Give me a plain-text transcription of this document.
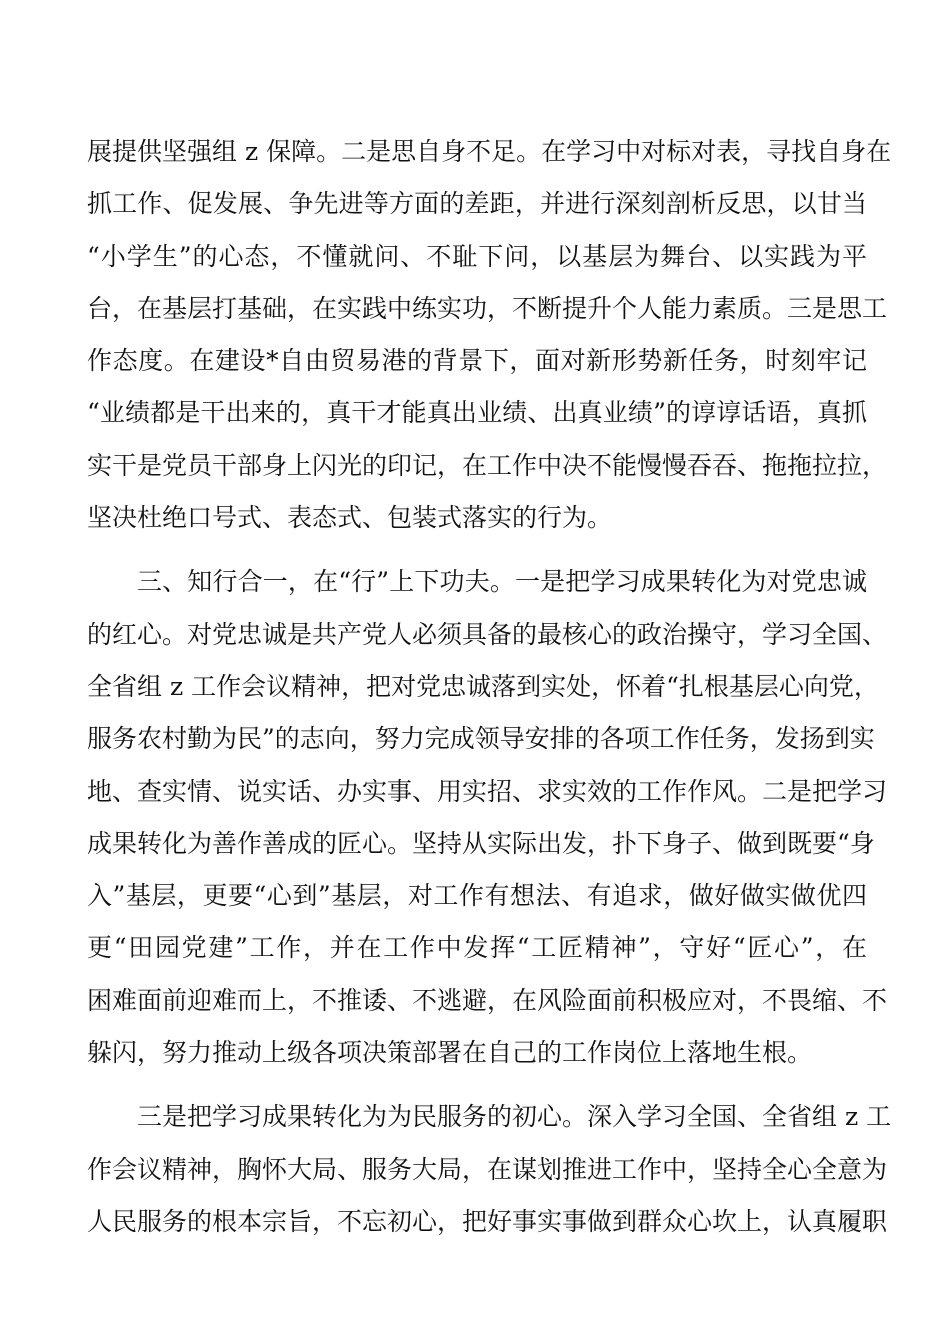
展提供坚强组 z 保障。二是思自身不足。在学习中对标对表，寻找自身在
抓工作、促发展、争先进等方面的差距，并进行深刻剖析反思，以甘当
“小学生”的心态，不懂就问、不耻下问，以基层为舞台、以实践为平
台，在基层打基础，在实践中练实功，不断提升个人能力素质。三是思工
作态度。在建设*自由贸易港的背景下，面对新形势新任务，时刻牢记
“业绩都是干出来的，真干才能真出业绩、出真业绩”的谆谆话语，真抓
实干是党员干部身上闪光的印记，在工作中决不能慢慢吞吞、拖拖拉拉，
坚决杜绝口号式、表态式、包装式落实的行为。
三、知行合一，在“行”上下功夫。一是把学习成果转化为对党忠诚
的红心。对党忠诚是共产党人必须具备的最核心的政治操守，学习全国、
全省组 z 工作会议精神，把对党忠诚落到实处，怀着“扎根基层心向党，
服务农村勤为民”的志向，努力完成领导安排的各项工作任务，发扬到实
地、查实情、说实话、办实事、用实招、求实效的工作作风。二是把学习
成果转化为善作善成的匠心。坚持从实际出发，扑下身子、做到既要“身
入”基层，更要“心到”基层，对工作有想法、有追求，做好做实做优四
更“田园党建”工作，并在工作中发挥“工匠精神”，守好“匠心”，在
困难面前迎难而上，不推诿、不逃避，在风险面前积极应对，不畏缩、不
躲闪，努力推动上级各项决策部署在自己的工作岗位上落地生根。
三是把学习成果转化为为民服务的初心。深入学习全国、全省组 z 工
作会议精神，胸怀大局、服务大局，在谋划推进工作中，坚持全心全意为
人民服务的根本宗旨，不忘初心，把好事实事做到群众心坎上，认真履职
